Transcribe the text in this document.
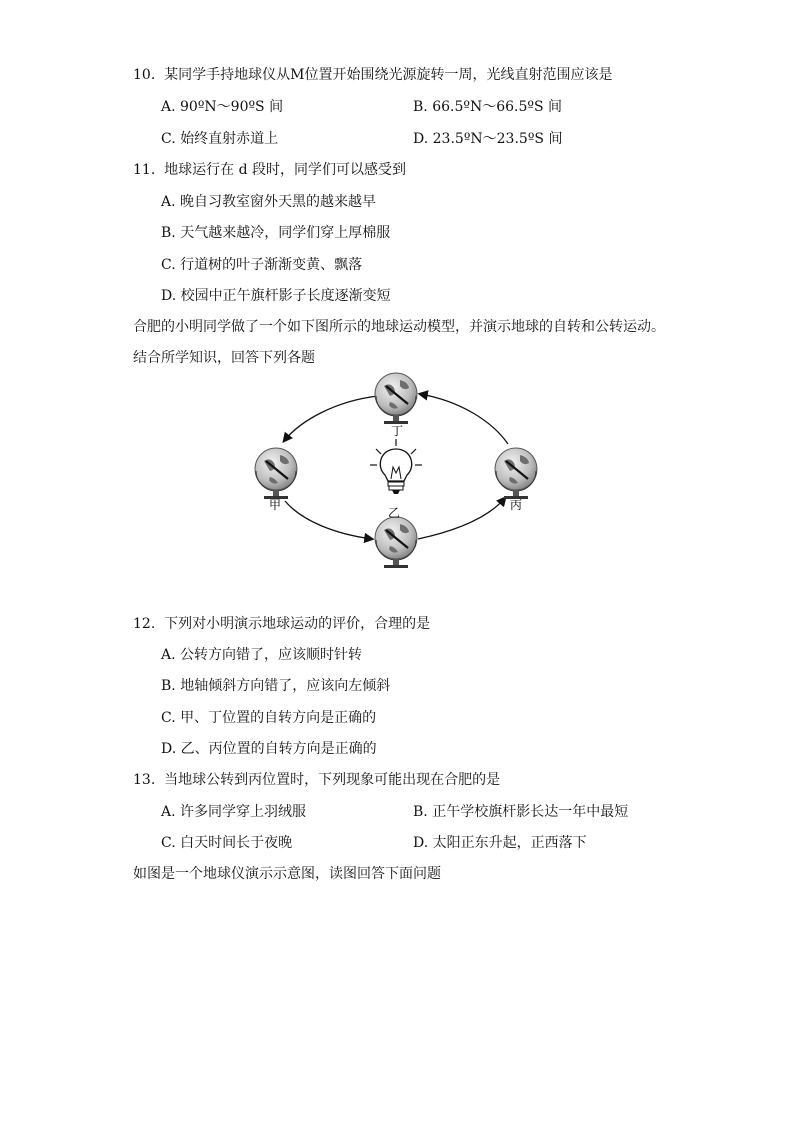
10. 某同学手持地球仪从M位置开始围绕光源旋转一周，光线直射范围应该是
A. 90ºN～90ºS 间	B. 66.5ºN～66.5ºS 间
C. 始终直射赤道上	D. 23.5ºN～23.5ºS 间
11. 地球运行在 d 段时，同学们可以感受到
A. 晚自习教室窗外天黑的越来越早
B. 天气越来越冷，同学们穿上厚棉服
C. 行道树的叶子渐渐变黄、飘落
D. 校园中正午旗杆影子长度逐渐变短
合肥的小明同学做了一个如下图所示的地球运动模型，并演示地球的自转和公转运动。
结合所学知识，回答下列各题
丁
甲	丙
乙
12. 下列对小明演示地球运动的评价，合理的是
A. 公转方向错了，应该顺时针转
B. 地轴倾斜方向错了，应该向左倾斜
C. 甲、丁位置的自转方向是正确的
D. 乙、丙位置的自转方向是正确的
13. 当地球公转到丙位置时，下列现象可能出现在合肥的是
A. 许多同学穿上羽绒服	B. 正午学校旗杆影长达一年中最短
C. 白天时间长于夜晚	D. 太阳正东升起，正西落下
如图是一个地球仪演示示意图，读图回答下面问题
